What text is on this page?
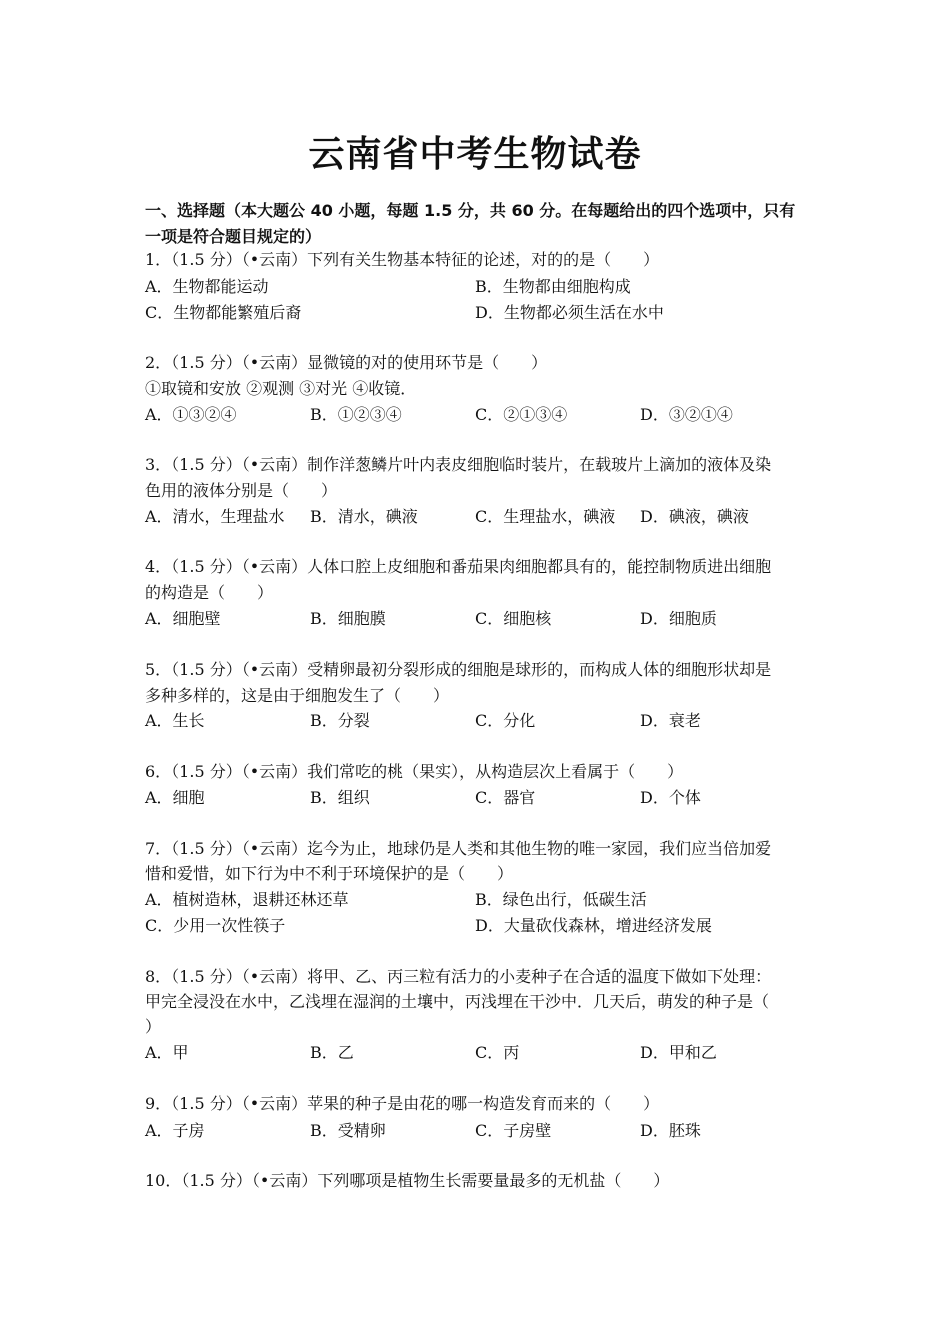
云南省中考生物试卷
一、选择题（本大题公 40 小题，每题 1.5 分，共 60 分。在每题给出的四个选项中，只有一项是符合题目规定的）
1．（1.5 分）（•云南）下列有关生物基本特征的论述，对的的是（　　）
A．生物都能运动	B．生物都由细胞构成
C．生物都能繁殖后裔	D．生物都必须生活在水中
2．（1.5 分）（•云南）显微镜的对的使用环节是（　　）
①取镜和安放 ②观测 ③对光 ④收镜．
A．①③②④	B．①②③④	C．②①③④	D．③②①④
3．（1.5 分）（•云南）制作洋葱鳞片叶内表皮细胞临时装片，在载玻片上滴加的液体及染
色用的液体分别是（　　）
A．清水，生理盐水 B．清水，碘液	C．生理盐水，碘液 D．碘液，碘液
4．（1.5 分）（•云南）人体口腔上皮细胞和番茄果肉细胞都具有的，能控制物质进出细胞
的构造是（　　）
A．细胞壁	B．细胞膜	C．细胞核	D．细胞质
5．（1.5 分）（•云南）受精卵最初分裂形成的细胞是球形的，而构成人体的细胞形状却是
多种多样的，这是由于细胞发生了（　　）
A．生长	B．分裂	C．分化	D．衰老
6．（1.5 分）（•云南）我们常吃的桃（果实），从构造层次上看属于（　　）
A．细胞	B．组织	C．器官	D．个体
7．（1.5 分）（•云南）迄今为止，地球仍是人类和其他生物的唯一家园，我们应当倍加爱
惜和爱惜，如下行为中不利于环境保护的是（　　）
A．植树造林，退耕还林还草	B．绿色出行，低碳生活
C．少用一次性筷子	D．大量砍伐森林，增进经济发展
8．（1.5 分）（•云南）将甲、乙、丙三粒有活力的小麦种子在合适的温度下做如下处理：
甲完全浸没在水中，乙浅埋在湿润的土壤中，丙浅埋在干沙中．几天后，萌发的种子是（
）
A．甲	B．乙	C．丙	D．甲和乙
9．（1.5 分）（•云南）苹果的种子是由花的哪一构造发育而来的（　　）
A．子房	B．受精卵	C．子房壁	D．胚珠
10．（1.5 分）（•云南）下列哪项是植物生长需要量最多的无机盐（　　）
